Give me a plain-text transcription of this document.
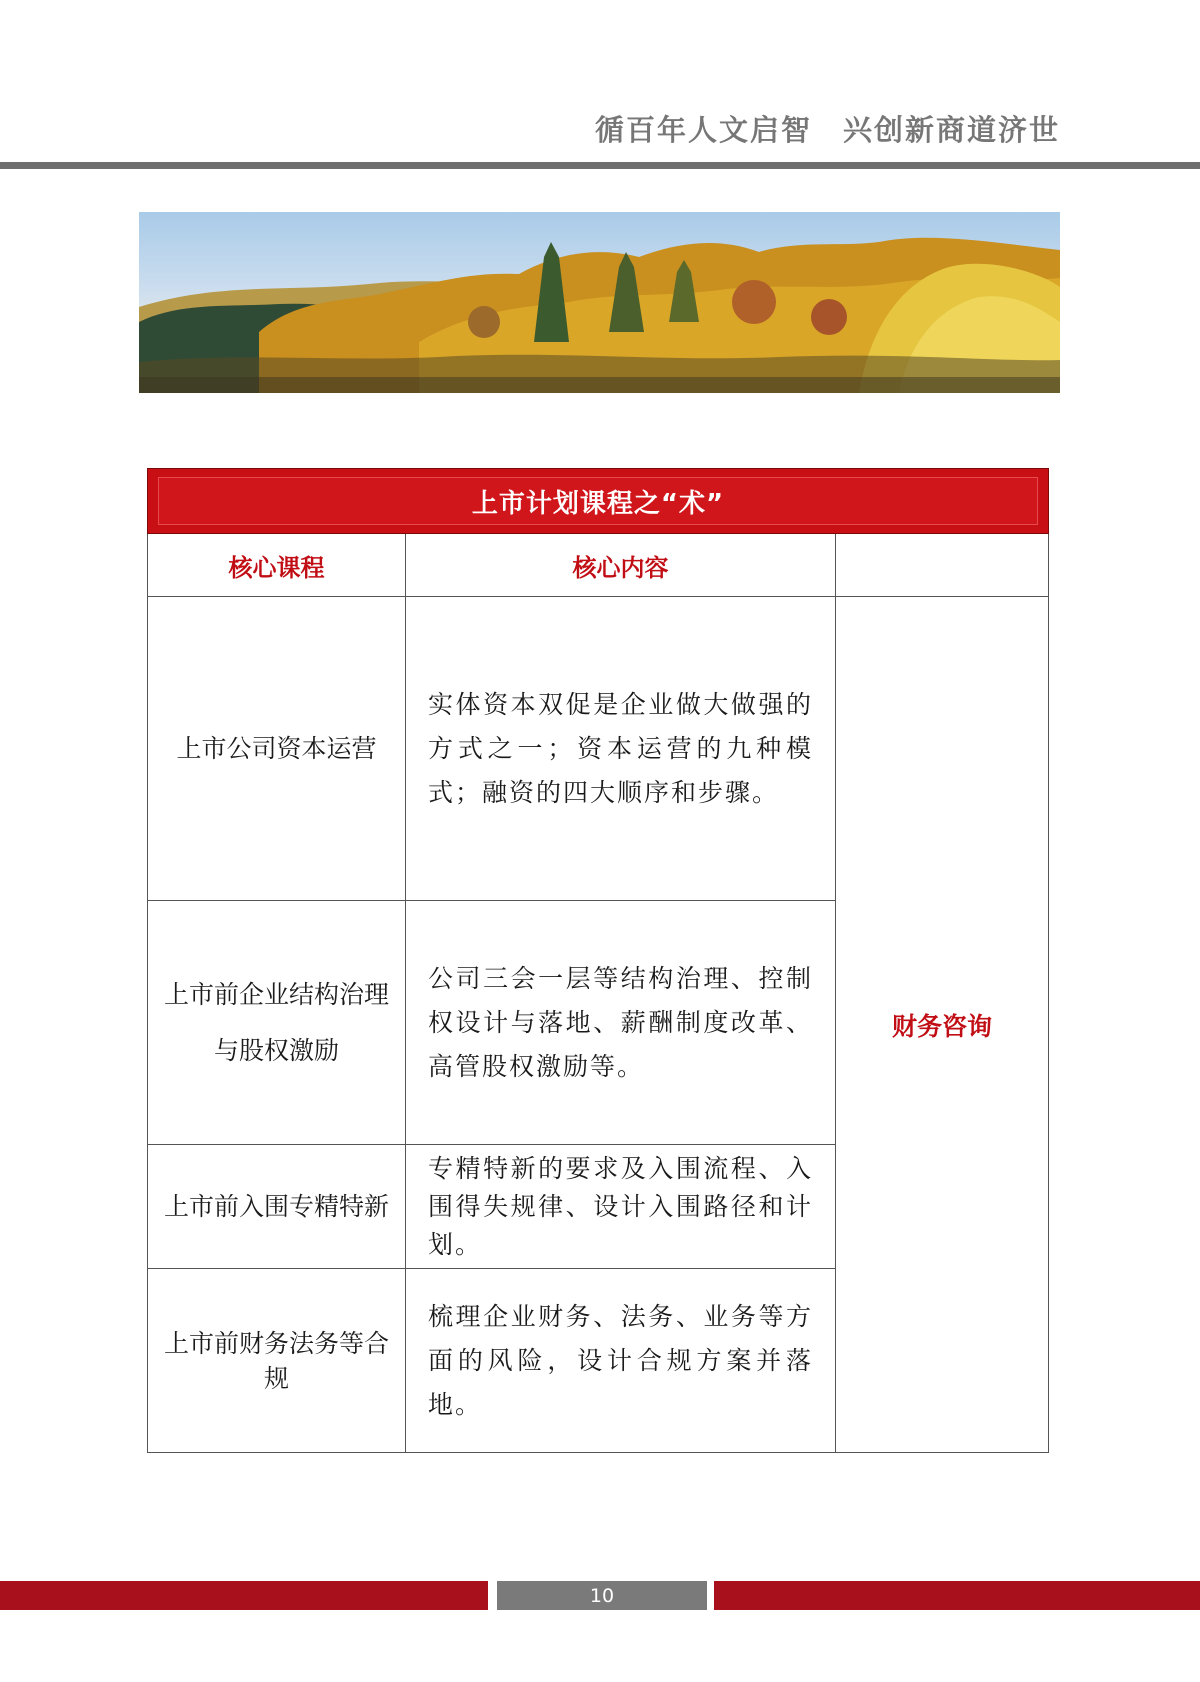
循百年人文启智　兴创新商道济世
上市计划课程之“术”		

核心课程	核心内容	
上市公司资本运营	实体资本双促是企业做大做强的方式之一；资本运营的九种模式；融资的四大顺序和步骤。	财务咨询
上市前企业结构治理与股权激励	公司三会一层等结构治理、控制权设计与落地、薪酬制度改革、高管股权激励等。	
上市前入围专精特新	专精特新的要求及入围流程、入围得失规律、设计入围路径和计划。	
上市前财务法务等合规	梳理企业财务、法务、业务等方面的风险，设计合规方案并落地。	
10
